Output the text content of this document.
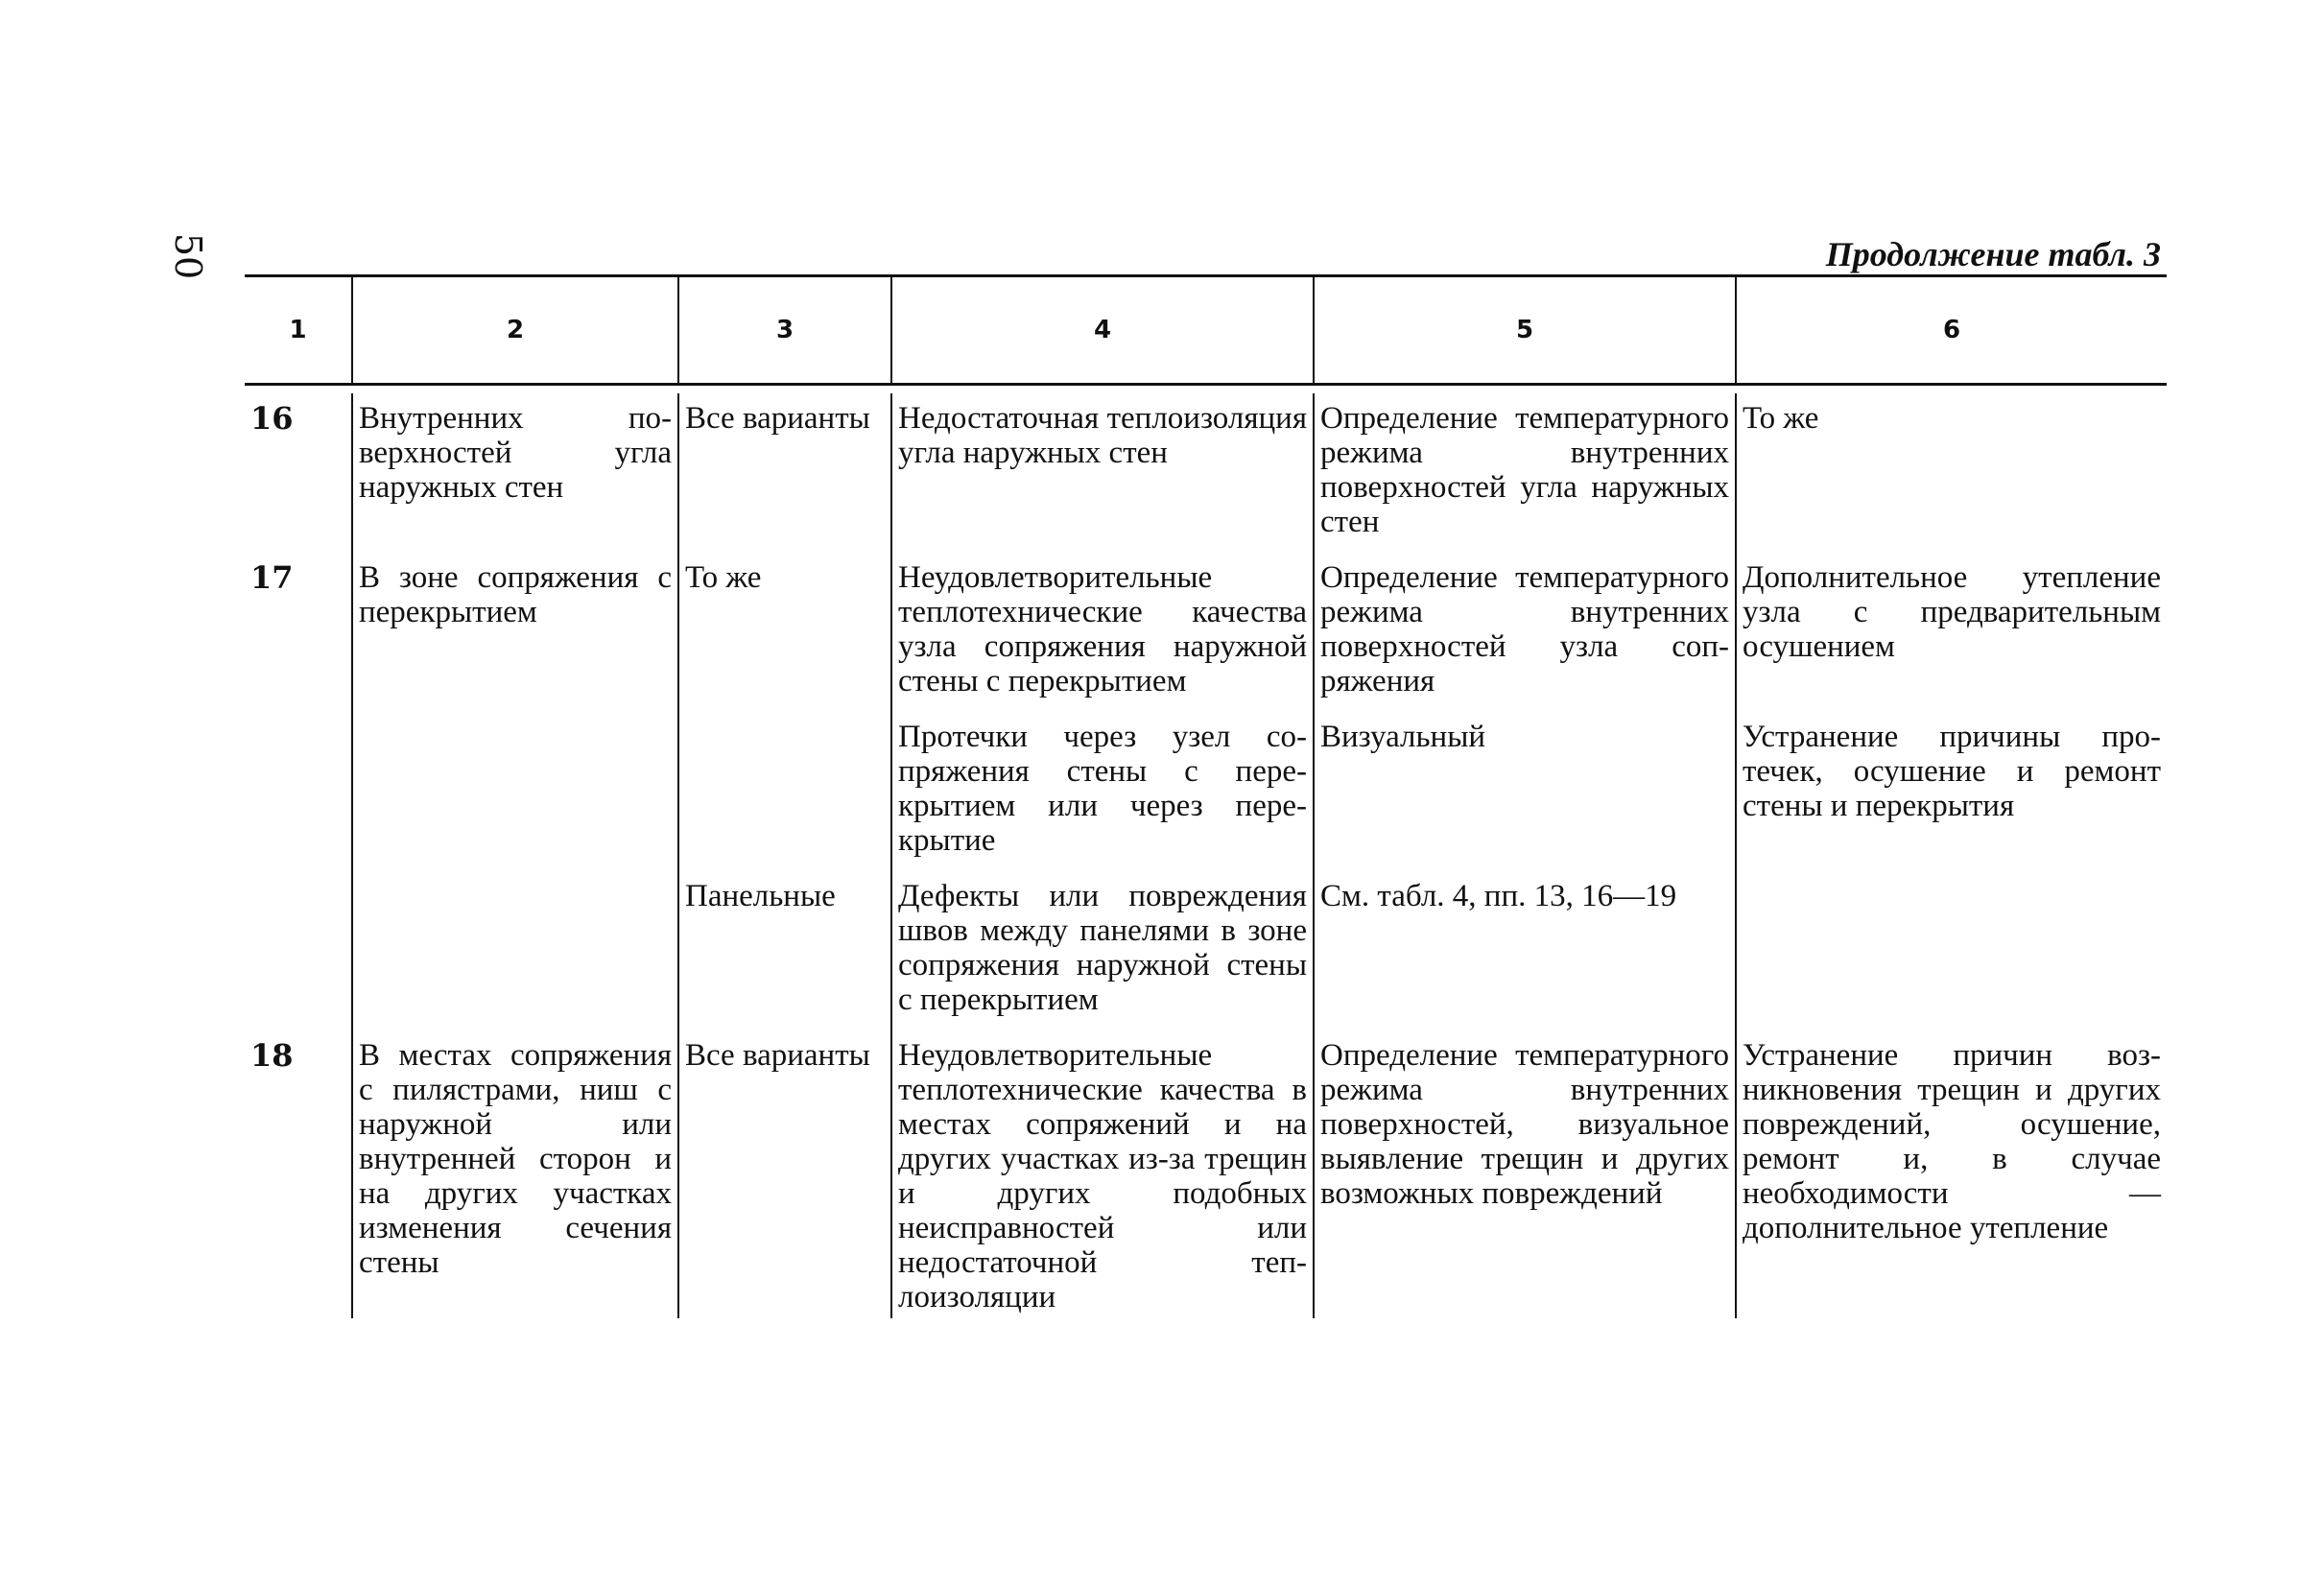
50	Продолжение табл. 3
1	2	3	4	5	6

16	Внутренних поверхностей угла наружных стен	Все варианты	Недостаточная теплоизоляция угла наружных стен	Определение температурного режима внутренних поверхностей угла наружных стен	То же
17	В зоне сопряжения с перекрытием	То же	Неудовлетворительные теплотехнические качества узла сопряжения наружной стены с перекрытием	Определение температурного режима внутренних поверхностей узла сопряжения	Дополнительное утепление узла с предварительным осушением
			Протечки через узел сопряжения стены с перекрытием или через перекрытие	Визуальный	Устранение причины протечек, осушение и ремонт стены и перекрытия
		Панельные	Дефекты или повреждения швов между панелями в зоне сопряжения наружной стены с перекрытием	См. табл. 4, пп. 13, 16—19	
18	В местах сопряжения с пилястрами, ниш с наружной или внутренней сторон и на других участках изменения сечения стены	Все варианты	Неудовлетворительные теплотехнические качества в местах сопряжений и на других участках из-за трещин и других подобных неисправностей или недостаточной теплоизоляции	Определение температурного режима внутренних поверхностей, визуальное выявление трещин и других возможных повреждений	Устранение причин возникновения трещин и других повреждений, осушение, ремонт и, в случае необходимости — дополнительное утепление
